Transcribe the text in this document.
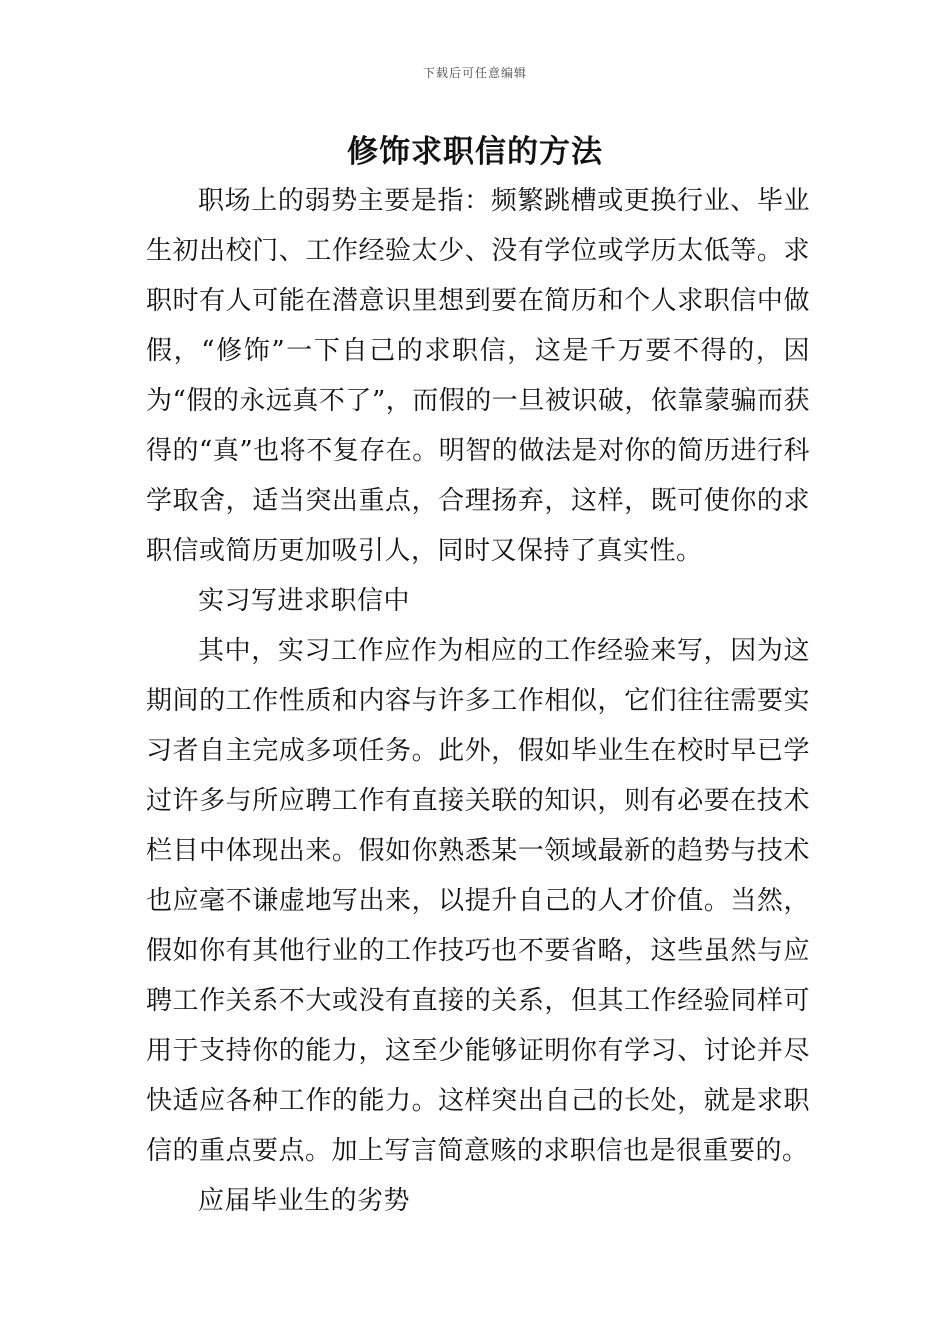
下载后可任意编辑
修饰求职信的方法

职场上的弱势主要是指：频繁跳槽或更换行业、毕业生初出校门、工作经验太少、没有学位或学历太低等。求职时有人可能在潜意识里想到要在简历和个人求职信中做假，“修饰”一下自己的求职信，这是千万要不得的，因为“假的永远真不了”，而假的一旦被识破，依靠蒙骗而获得的“真”也将不复存在。明智的做法是对你的简历进行科学取舍，适当突出重点，合理扬弃，这样，既可使你的求职信或简历更加吸引人，同时又保持了真实性。

实习写进求职信中

其中，实习工作应作为相应的工作经验来写，因为这期间的工作性质和内容与许多工作相似，它们往往需要实习者自主完成多项任务。此外，假如毕业生在校时早已学过许多与所应聘工作有直接关联的知识，则有必要在技术栏目中体现出来。假如你熟悉某一领域最新的趋势与技术也应毫不谦虚地写出来，以提升自己的人才价值。当然，假如你有其他行业的工作技巧也不要省略，这些虽然与应聘工作关系不大或没有直接的关系，但其工作经验同样可用于支持你的能力，这至少能够证明你有学习、讨论并尽快适应各种工作的能力。这样突出自己的长处，就是求职信的重点要点。加上写言简意赅的求职信也是很重要的。

应届毕业生的劣势
